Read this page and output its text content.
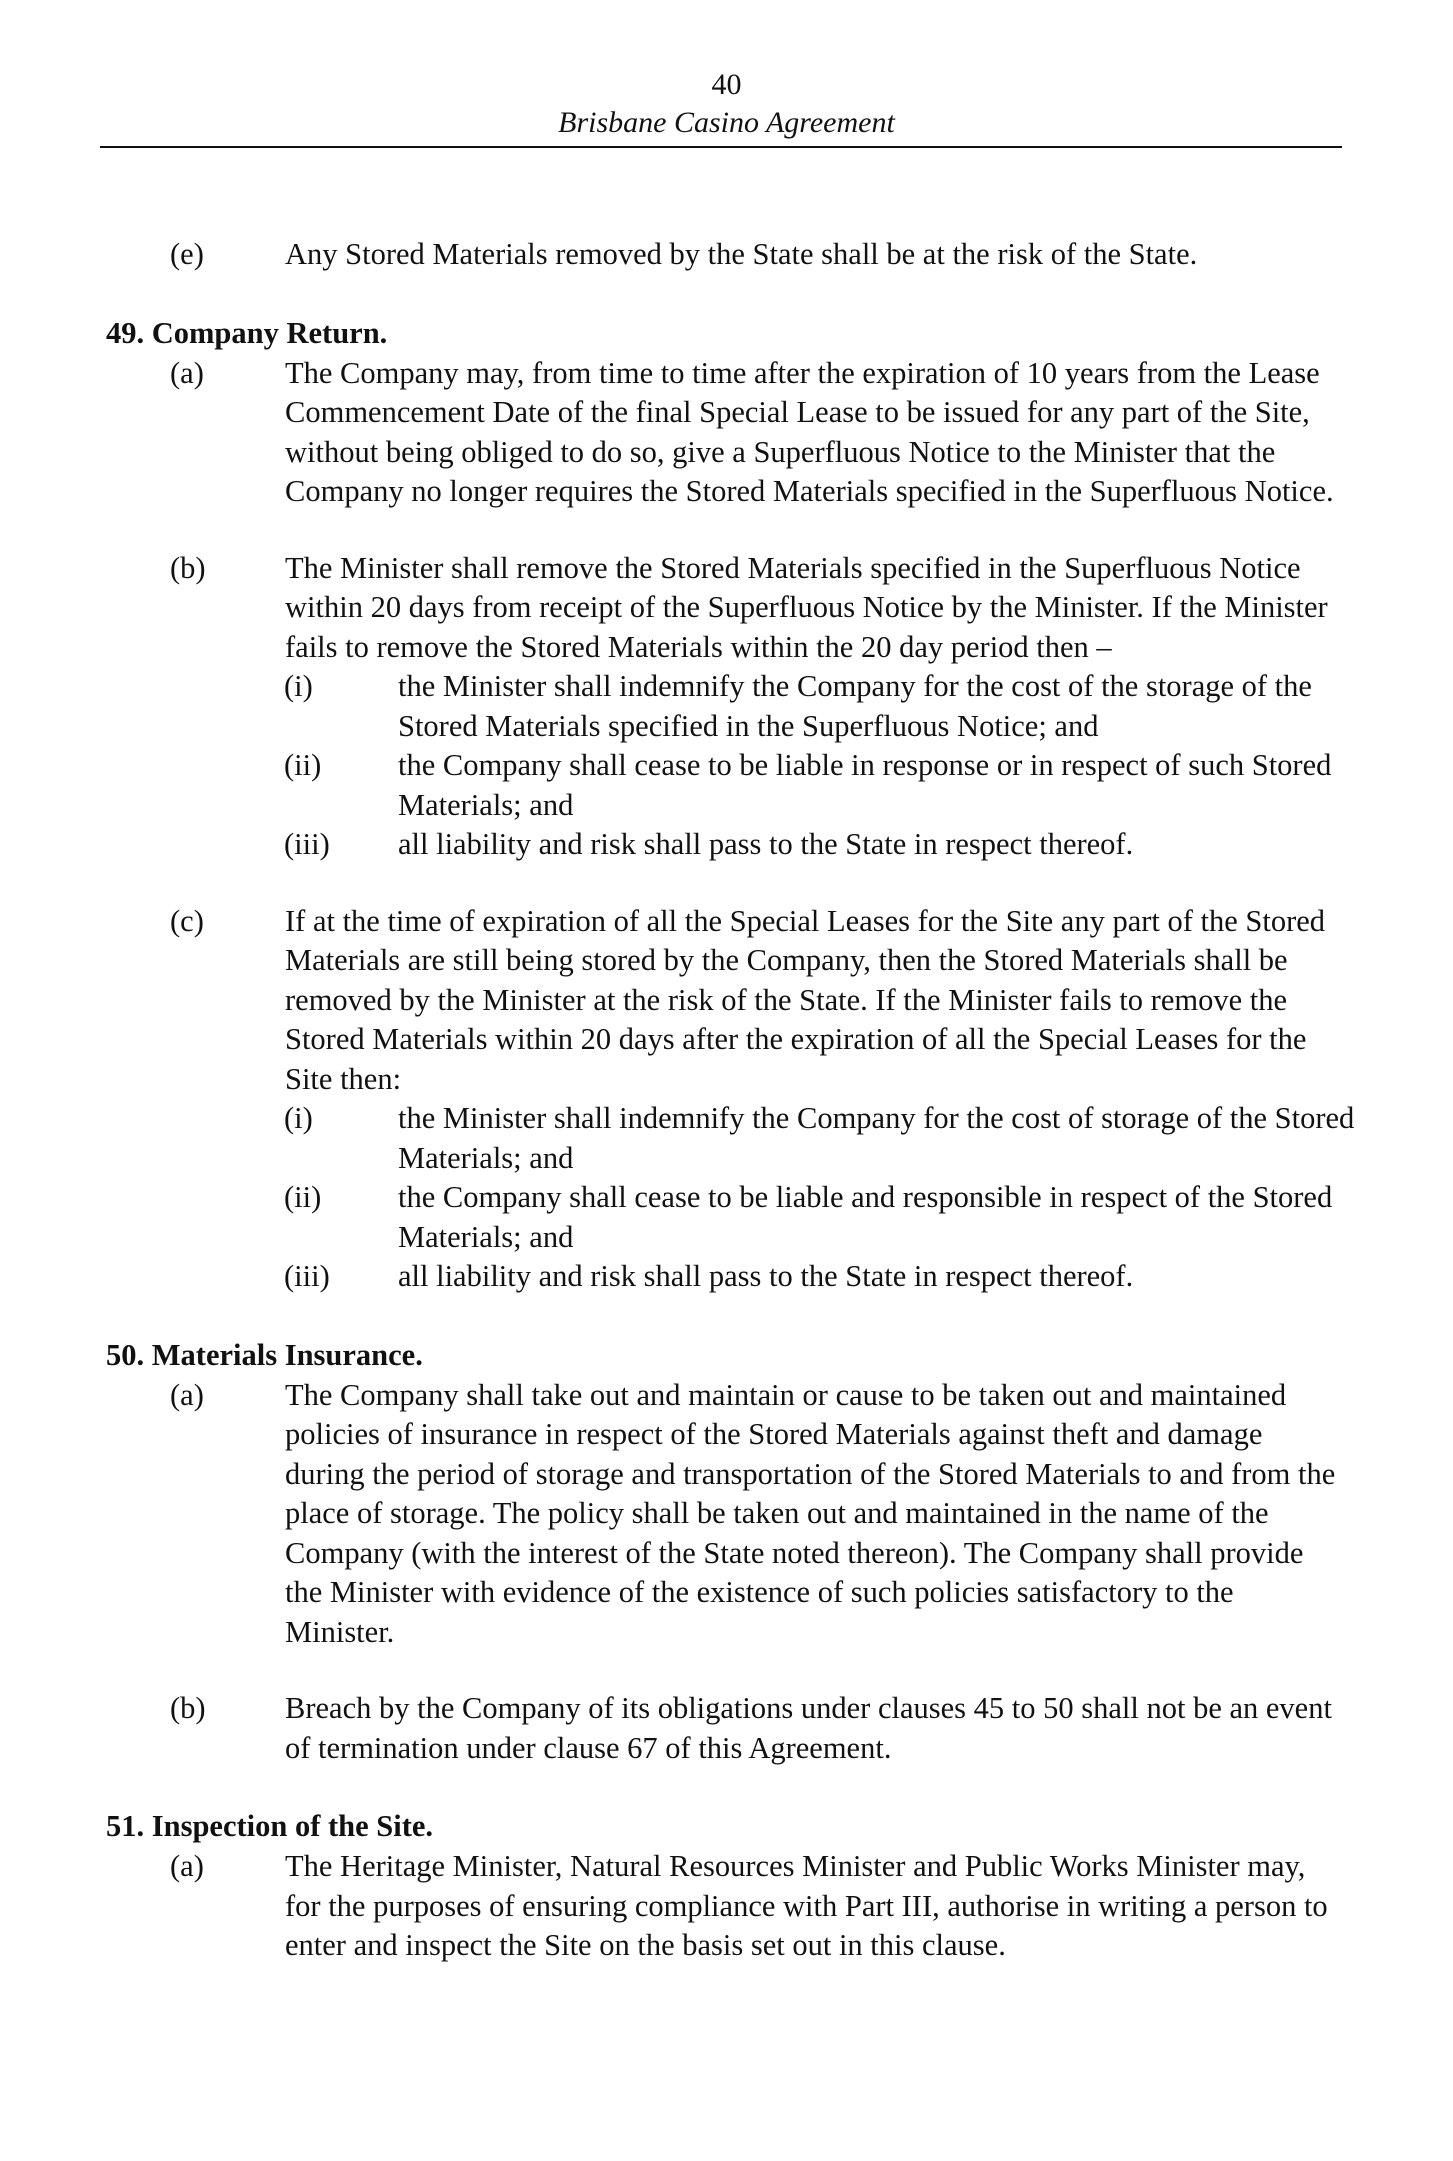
40
Brisbane Casino Agreement
(e)	Any Stored Materials removed by the State shall be at the risk of the State.
49. Company Return.
(a)	The Company may, from time to time after the expiration of 10 years from the Lease Commencement Date of the final Special Lease to be issued for any part of the Site, without being obliged to do so, give a Superfluous Notice to the Minister that the Company no longer requires the Stored Materials specified in the Superfluous Notice.
(b)	The Minister shall remove the Stored Materials specified in the Superfluous Notice within 20 days from receipt of the Superfluous Notice by the Minister. If the Minister fails to remove the Stored Materials within the 20 day period then –
(i)	the Minister shall indemnify the Company for the cost of the storage of the Stored Materials specified in the Superfluous Notice; and
(ii)	the Company shall cease to be liable in response or in respect of such Stored Materials; and
(iii) all liability and risk shall pass to the State in respect thereof.
(c)	If at the time of expiration of all the Special Leases for the Site any part of the Stored Materials are still being stored by the Company, then the Stored Materials shall be removed by the Minister at the risk of the State. If the Minister fails to remove the Stored Materials within 20 days after the expiration of all the Special Leases for the Site then:
(i)	the Minister shall indemnify the Company for the cost of storage of the Stored Materials; and
(ii)	the Company shall cease to be liable and responsible in respect of the Stored Materials; and
(iii) all liability and risk shall pass to the State in respect thereof.
50. Materials Insurance.
(a)	The Company shall take out and maintain or cause to be taken out and maintained policies of insurance in respect of the Stored Materials against theft and damage during the period of storage and transportation of the Stored Materials to and from the place of storage. The policy shall be taken out and maintained in the name of the Company (with the interest of the State noted thereon). The Company shall provide the Minister with evidence of the existence of such policies satisfactory to the Minister.
(b)	Breach by the Company of its obligations under clauses 45 to 50 shall not be an event of termination under clause 67 of this Agreement.
51. Inspection of the Site.
(a)	The Heritage Minister, Natural Resources Minister and Public Works Minister may, for the purposes of ensuring compliance with Part III, authorise in writing a person to enter and inspect the Site on the basis set out in this clause.
